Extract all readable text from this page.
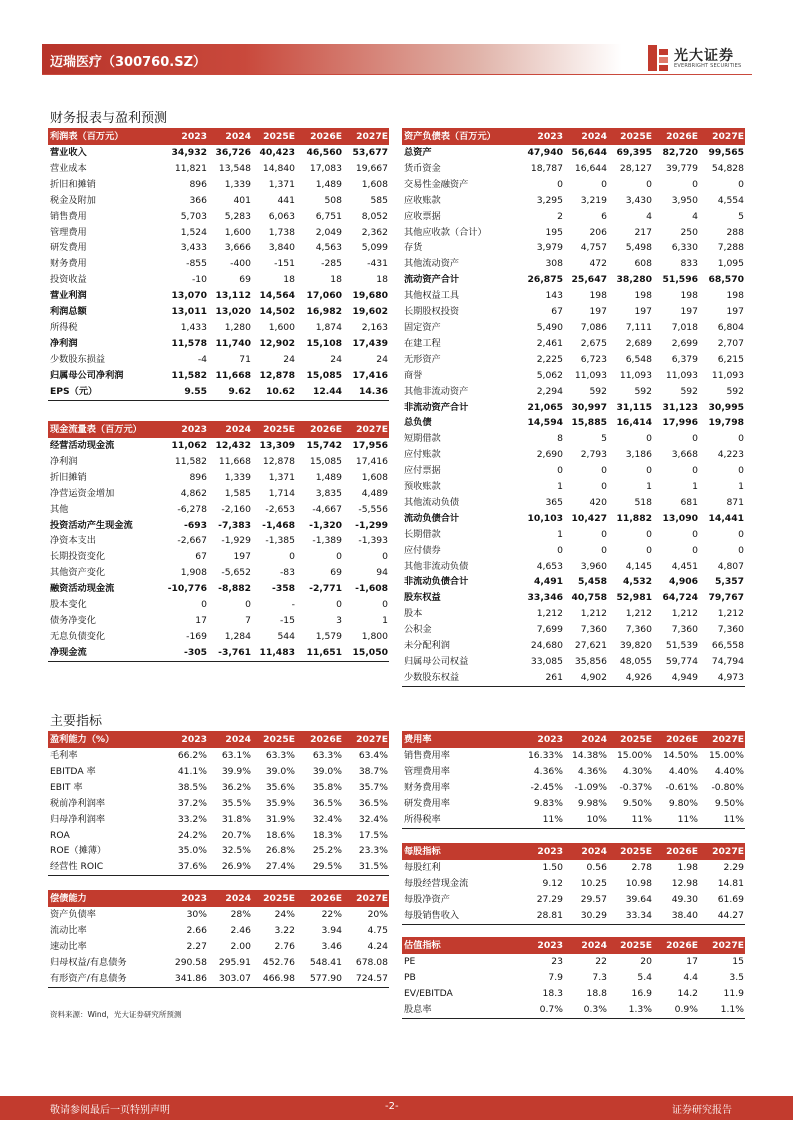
迈瑞医疗（300760.SZ）	光大证券
EVERBRIGHT SECURITIES
财务报表与盈利预测
利润表（百万元）	2023	2024	2025E	2026E	2027E
营业收入	34,932	36,726	40,423	46,560	53,677
营业成本	11,821	13,548	14,840	17,083	19,667
折旧和摊销	896	1,339	1,371	1,489	1,608
税金及附加	366	401	441	508	585
销售费用	5,703	5,283	6,063	6,751	8,052
管理费用	1,524	1,600	1,738	2,049	2,362
研发费用	3,433	3,666	3,840	4,563	5,099
财务费用	-855	-400	-151	-285	-431
投资收益	-10	69	18	18	18
营业利润	13,070	13,112	14,564	17,060	19,680
利润总额	13,011	13,020	14,502	16,982	19,602
所得税	1,433	1,280	1,600	1,874	2,163
净利润	11,578	11,740	12,902	15,108	17,439
少数股东损益	-4	71	24	24	24
归属母公司净利润	11,582	11,668	12,878	15,085	17,416
EPS（元）	9.55	9.62	10.62	12.44	14.36
现金流量表（百万元）	2023	2024	2025E	2026E	2027E
经营活动现金流	11,062	12,432	13,309	15,742	17,956
净利润	11,582	11,668	12,878	15,085	17,416
折旧摊销	896	1,339	1,371	1,489	1,608
净营运资金增加	4,862	1,585	1,714	3,835	4,489
其他	-6,278	-2,160	-2,653	-4,667	-5,556
投资活动产生现金流	-693	-7,383	-1,468	-1,320	-1,299
净资本支出	-2,667	-1,929	-1,385	-1,389	-1,393
长期投资变化	67	197	0	0	0
其他资产变化	1,908	-5,652	-83	69	94
融资活动现金流	-10,776	-8,882	-358	-2,771	-1,608
股本变化	0	0	-	0	0
债务净变化	17	7	-15	3	1
无息负债变化	-169	1,284	544	1,579	1,800
净现金流	-305	-3,761	11,483	11,651	15,050
资产负债表（百万元）	2023	2024	2025E	2026E	2027E
总资产	47,940	56,644	69,395	82,720	99,565
货币资金	18,787	16,644	28,127	39,779	54,828
交易性金融资产	0	0	0	0	0
应收账款	3,295	3,219	3,430	3,950	4,554
应收票据	2	6	4	4	5
其他应收款（合计）	195	206	217	250	288
存货	3,979	4,757	5,498	6,330	7,288
其他流动资产	308	472	608	833	1,095
流动资产合计	26,875	25,647	38,280	51,596	68,570
其他权益工具	143	198	198	198	198
长期股权投资	67	197	197	197	197
固定资产	5,490	7,086	7,111	7,018	6,804
在建工程	2,461	2,675	2,689	2,699	2,707
无形资产	2,225	6,723	6,548	6,379	6,215
商誉	5,062	11,093	11,093	11,093	11,093
其他非流动资产	2,294	592	592	592	592
非流动资产合计	21,065	30,997	31,115	31,123	30,995
总负债	14,594	15,885	16,414	17,996	19,798
短期借款	8	5	0	0	0
应付账款	2,690	2,793	3,186	3,668	4,223
应付票据	0	0	0	0	0
预收账款	1	0	1	1	1
其他流动负债	365	420	518	681	871
流动负债合计	10,103	10,427	11,882	13,090	14,441
长期借款	1	0	0	0	0
应付债券	0	0	0	0	0
其他非流动负债	4,653	3,960	4,145	4,451	4,807
非流动负债合计	4,491	5,458	4,532	4,906	5,357
股东权益	33,346	40,758	52,981	64,724	79,767
股本	1,212	1,212	1,212	1,212	1,212
公积金	7,699	7,360	7,360	7,360	7,360
未分配利润	24,680	27,621	39,820	51,539	66,558
归属母公司权益	33,085	35,856	48,055	59,774	74,794
少数股东权益	261	4,902	4,926	4,949	4,973
主要指标
盈利能力（%）	2023	2024	2025E	2026E	2027E
毛利率	66.2%	63.1%	63.3%	63.3%	63.4%
EBITDA 率	41.1%	39.9%	39.0%	39.0%	38.7%
EBIT 率	38.5%	36.2%	35.6%	35.8%	35.7%
税前净利润率	37.2%	35.5%	35.9%	36.5%	36.5%
归母净利润率	33.2%	31.8%	31.9%	32.4%	32.4%
ROA	24.2%	20.7%	18.6%	18.3%	17.5%
ROE（摊薄）	35.0%	32.5%	26.8%	25.2%	23.3%
经营性 ROIC	37.6%	26.9%	27.4%	29.5%	31.5%
偿债能力	2023	2024	2025E	2026E	2027E
资产负债率	30%	28%	24%	22%	20%
流动比率	2.66	2.46	3.22	3.94	4.75
速动比率	2.27	2.00	2.76	3.46	4.24
归母权益/有息债务	290.58	295.91	452.76	548.41	678.08
有形资产/有息债务	341.86	303.07	466.98	577.90	724.57
费用率	2023	2024	2025E	2026E	2027E
销售费用率	16.33%	14.38%	15.00%	14.50%	15.00%
管理费用率	4.36%	4.36%	4.30%	4.40%	4.40%
财务费用率	-2.45%	-1.09%	-0.37%	-0.61%	-0.80%
研发费用率	9.83%	9.98%	9.50%	9.80%	9.50%
所得税率	11%	10%	11%	11%	11%
每股指标	2023	2024	2025E	2026E	2027E
每股红利	1.50	0.56	2.78	1.98	2.29
每股经营现金流	9.12	10.25	10.98	12.98	14.81
每股净资产	27.29	29.57	39.64	49.30	61.69
每股销售收入	28.81	30.29	33.34	38.40	44.27
估值指标	2023	2024	2025E	2026E	2027E
PE	23	22	20	17	15
PB	7.9	7.3	5.4	4.4	3.5
EV/EBITDA	18.3	18.8	16.9	14.2	11.9
股息率	0.7%	0.3%	1.3%	0.9%	1.1%
资料来源：Wind，光大证券研究所预测
敬请参阅最后一页特别声明	-2-	证券研究报告
